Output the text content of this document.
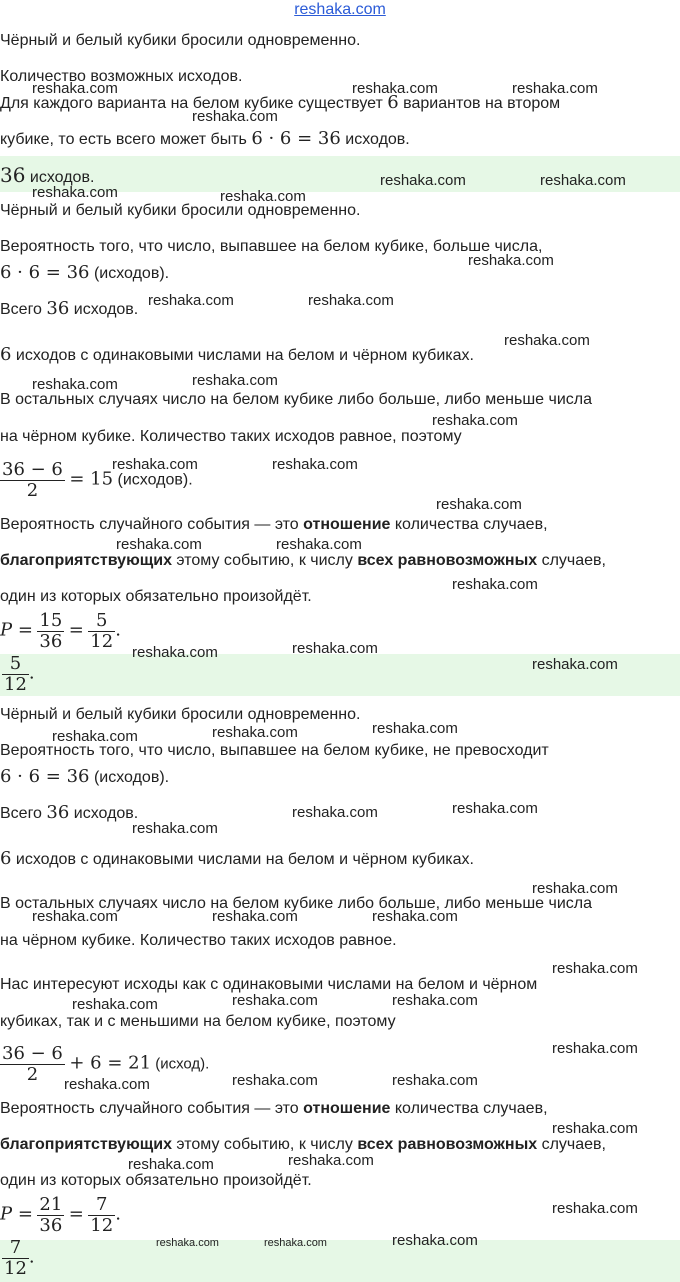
reshaka.com
Чёрный и белый кубики бросили одновременно.
Количество возможных исходов.
Для каждого варианта на белом кубике существует 6 вариантов на втором
кубике, то есть всего может быть 6 · 6 = 36 исходов.
36 исходов.
Чёрный и белый кубики бросили одновременно.
Вероятность того, что число, выпавшее на белом кубике, больше числа,
6 · 6 = 36 (исходов).
Всего 36 исходов.
6 исходов с одинаковыми числами на белом и чёрном кубиках.
В остальных случаях число на белом кубике либо больше, либо меньше числа
на чёрном кубике. Количество таких исходов равное, поэтому
$\frac{36 - 6}{2} = 15$ (исходов).
Вероятность случайного события — это отношение количества случаев,
благоприятствующих этому событию, к числу всех равновозможных случаев,
один из которых обязательно произойдёт.
$P = \frac{15}{36} = \frac{5}{12}$ .
$\frac{5}{12}$ .
Чёрный и белый кубики бросили одновременно.
Вероятность того, что число, выпавшее на белом кубике, не превосходит
6 · 6 = 36 (исходов).
Всего 36 исходов.
6 исходов с одинаковыми числами на белом и чёрном кубиках.
В остальных случаях число на белом кубике либо больше, либо меньше числа
на чёрном кубике. Количество таких исходов равное.
Нас интересуют исходы как с одинаковыми числами на белом и чёрном
кубиках, так и с меньшими на белом кубике, поэтому
$\frac{36 - 6}{2} + 6 = 21$ (исход).
Вероятность случайного события — это отношение количества случаев,
благоприятствующих этому событию, к числу всех равновозможных случаев,
один из которых обязательно произойдёт.
$P = \frac{21}{36} = \frac{7}{12}$ .
$\frac{7}{12}$ .
reshaka.com	reshaka.com	reshaka.com
reshaka.com
reshaka.com	reshaka.com
reshaka.com	reshaka.com
reshaka.com
reshaka.com	reshaka.com
reshaka.com
reshaka.com
reshaka.com
reshaka.com
reshaka.com	reshaka.com
reshaka.com
reshaka.com	reshaka.com
reshaka.com
reshaka.com
reshaka.com
reshaka.com
reshaka.com
reshaka.com
reshaka.com
reshaka.com
reshaka.com
reshaka.com
reshaka.com
reshaka.com	reshaka.com	reshaka.com
reshaka.com
reshaka.com	reshaka.com
reshaka.com
reshaka.com
reshaka.com	reshaka.com
reshaka.com
reshaka.com
reshaka.com
reshaka.com
reshaka.com
reshaka.com	reshaka.com	reshaka.com
